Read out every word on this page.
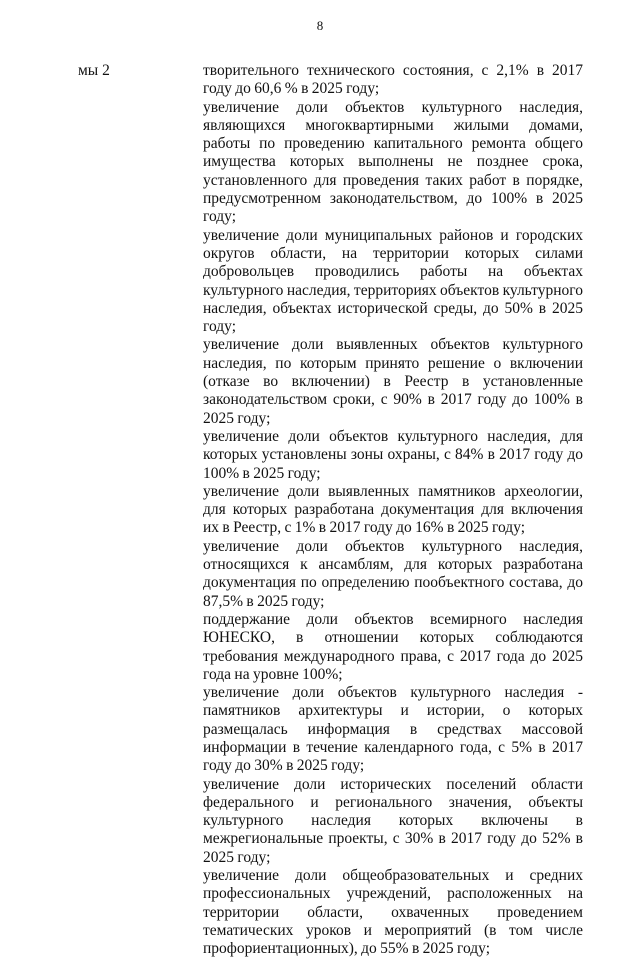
8
мы 2	творительного технического состояния, с 2,1% в 2017 году до 60,6 % в 2025 году;

увеличение доли объектов культурного наследия, являющихся многоквартирными жилыми домами, работы по проведению капитального ремонта общего имущества которых выполнены не позднее срока, установленного для проведения таких работ в порядке, предусмотренном законодательством, до 100% в 2025 году;

увеличение доли муниципальных районов и городских округов области, на территории которых силами добровольцев проводились работы на объектах культурного наследия, территориях объектов культурного наследия, объектах исторической среды, до 50% в 2025 году;

увеличение доли выявленных объектов культурного наследия, по которым принято решение о включении (отказе во включении) в Реестр в установленные законодательством сроки, с 90% в 2017 году до 100% в 2025 году;

увеличение доли объектов культурного наследия, для которых установлены зоны охраны, с 84% в 2017 году до 100% в 2025 году;

увеличение доли выявленных памятников археологии, для которых разработана документация для включения их в Реестр, с 1% в 2017 году до 16% в 2025 году;

увеличение доли объектов культурного наследия, относящихся к ансамблям, для которых разработана документация по определению пообъектного состава, до 87,5% в 2025 году;

поддержание доли объектов всемирного наследия ЮНЕСКО, в отношении которых соблюдаются требования международного права, с 2017 года до 2025 года на уровне 100%;

увеличение доли объектов культурного наследия - памятников архитектуры и истории, о которых размещалась информация в средствах массовой информации в течение календарного года, с 5% в 2017 году до 30% в 2025 году;

увеличение доли исторических поселений области федерального и регионального значения, объекты культурного наследия которых включены в межрегиональные проекты, с 30% в 2017 году до 52% в 2025 году;

увеличение доли общеобразовательных и средних профессиональных учреждений, расположенных на территории области, охваченных проведением тематических уроков и мероприятий (в том числе профориентационных), до 55% в 2025 году;
